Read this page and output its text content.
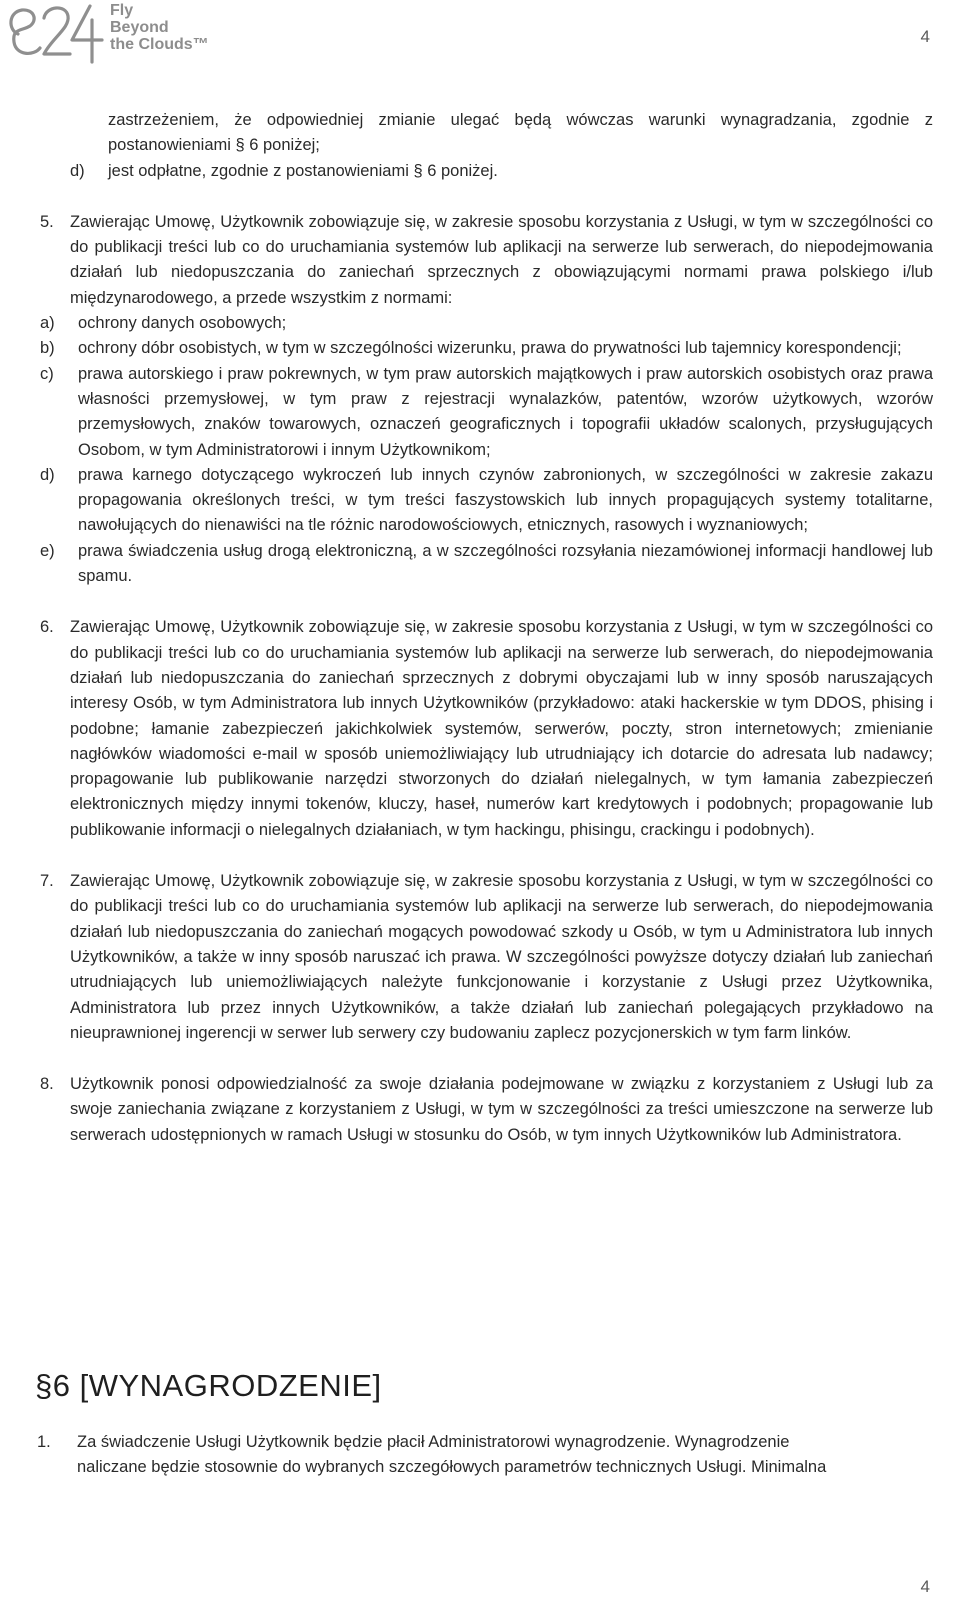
Fly
Beyond
the Clouds™	4

zastrzeżeniem, że odpowiedniej zmianie ulegać będą wówczas warunki wynagradzania, zgodnie z postanowieniami § 6 poniżej;

d)	jest odpłatne, zgodnie z postanowieniami § 6 poniżej.
5. Zawierając Umowę, Użytkownik zobowiązuje się, w zakresie sposobu korzystania z Usługi, w tym w szczególności co do publikacji treści lub co do uruchamiania systemów lub aplikacji na serwerze lub serwerach, do niepodejmowania działań lub niedopuszczania do zaniechań sprzecznych z obowiązującymi normami prawa polskiego i/lub międzynarodowego, a przede wszystkim z normami:
a)	ochrony danych osobowych;
b)	ochrony dóbr osobistych, w tym w szczególności wizerunku, prawa do prywatności lub tajemnicy korespondencji;
c)	prawa autorskiego i praw pokrewnych, w tym praw autorskich majątkowych i praw autorskich osobistych oraz prawa własności przemysłowej, w tym praw z rejestracji wynalazków, patentów, wzorów użytkowych, wzorów przemysłowych, znaków towarowych, oznaczeń geograficznych i topografii układów scalonych, przysługujących Osobom, w tym Administratorowi i innym Użytkownikom;
d)	prawa karnego dotyczącego wykroczeń lub innych czynów zabronionych, w szczególności w zakresie zakazu propagowania określonych treści, w tym treści faszystowskich lub innych propagujących systemy totalitarne, nawołujących do nienawiści na tle różnic narodowościowych, etnicznych, rasowych i wyznaniowych;
e)	prawa świadczenia usług drogą elektroniczną, a w szczególności rozsyłania niezamówionej informacji handlowej lub spamu.
6. Zawierając Umowę, Użytkownik zobowiązuje się, w zakresie sposobu korzystania z Usługi, w tym w szczególności co do publikacji treści lub co do uruchamiania systemów lub aplikacji na serwerze lub serwerach, do niepodejmowania działań lub niedopuszczania do zaniechań sprzecznych z dobrymi obyczajami lub w inny sposób naruszających interesy Osób, w tym Administratora lub innych Użytkowników (przykładowo: ataki hackerskie w tym DDOS, phising i podobne; łamanie zabezpieczeń jakichkolwiek systemów, serwerów, poczty, stron internetowych; zmienianie nagłówków wiadomości e-mail w sposób uniemożliwiający lub utrudniający ich dotarcie do adresata lub nadawcy; propagowanie lub publikowanie narzędzi stworzonych do działań nielegalnych, w tym łamania zabezpieczeń elektronicznych między innymi tokenów, kluczy, haseł, numerów kart kredytowych i podobnych; propagowanie lub publikowanie informacji o nielegalnych działaniach, w tym hackingu, phisingu, crackingu i podobnych).
7. Zawierając Umowę, Użytkownik zobowiązuje się, w zakresie sposobu korzystania z Usługi, w tym w szczególności co do publikacji treści lub co do uruchamiania systemów lub aplikacji na serwerze lub serwerach, do niepodejmowania działań lub niedopuszczania do zaniechań mogących powodować szkody u Osób, w tym u Administratora lub innych Użytkowników, a także w inny sposób naruszać ich prawa. W szczególności powyższe dotyczy działań lub zaniechań utrudniających lub uniemożliwiających należyte funkcjonowanie i korzystanie z Usługi przez Użytkownika, Administratora lub przez innych Użytkowników, a także działań lub zaniechań polegających przykładowo na nieuprawnionej ingerencji w serwer lub serwery czy budowaniu zaplecz pozycjonerskich w tym farm linków.
8. Użytkownik ponosi odpowiedzialność za swoje działania podejmowane w związku z korzystaniem z Usługi lub za swoje zaniechania związane z korzystaniem z Usługi, w tym w szczególności za treści umieszczone na serwerze lub serwerach udostępnionych w ramach Usługi w stosunku do Osób, w tym innych Użytkowników lub Administratora.
§6 [WYNAGRODZENIE]
1.	Za świadczenie Usługi Użytkownik będzie płacił Administratorowi wynagrodzenie. Wynagrodzenie
naliczane będzie stosownie do wybranych szczegółowych parametrów technicznych Usługi. Minimalna
4
